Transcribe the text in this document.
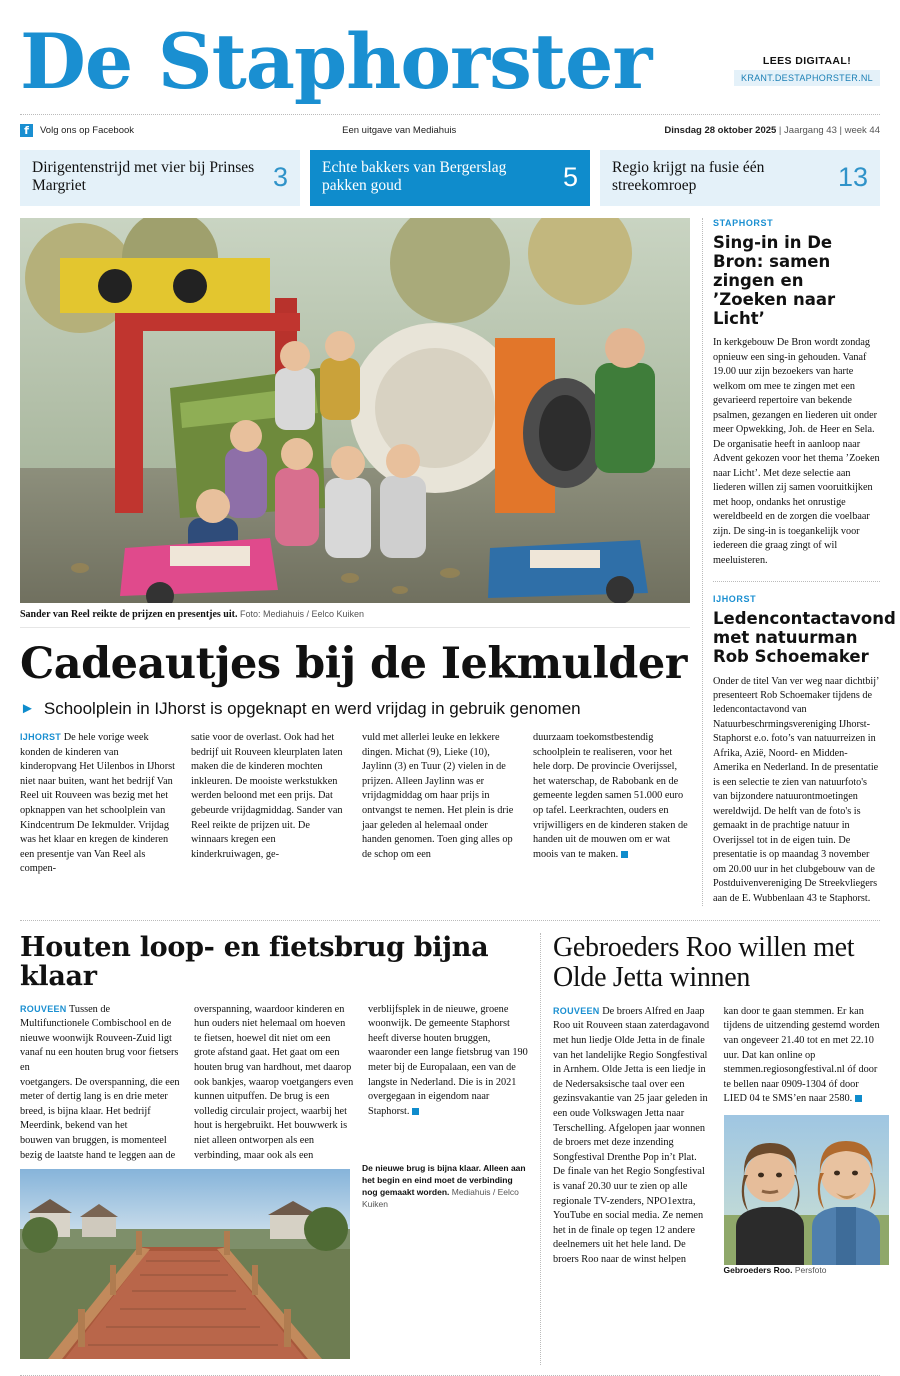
De Staphorster	LEES DIGITAAL!
KRANT.DESTAPHORSTER.NL
f	Volg ons op Facebook	Een uitgave van Mediahuis	Dinsdag 28 oktober 2025 | Jaargang 43 | week 44
Dirigentenstrijd met vier bij Prinses Margriet	3 Echte bakkers van Bergerslag pakken goud	5 Regio krijgt na fusie één streekomroep	13
Sander van Reel reikte de prijzen en presentjes uit. Foto: Mediahuis / Eelco Kuiken
Cadeautjes bij de Iekmulder
► Schoolplein in IJhorst is opgeknapt en werd vrijdag in gebruik genomen

IJHORST De hele vorige week konden de kinderen van kinderopvang Het Uilenbos in IJhorst niet naar buiten, want het bedrijf Van Reel uit Rouveen was bezig met het opknappen van het schoolplein van Kindcentrum De Iekmulder. Vrijdag was het klaar en kregen de kinderen een presentje van Van Reel als compen-

satie voor de overlast. Ook had het bedrijf uit Rouveen kleurplaten laten maken die de kinderen mochten inkleuren. De mooiste werkstukken werden beloond met een prijs. Dat gebeurde vrijdagmiddag. Sander van Reel reikte de prijzen uit. De winnaars kregen een kinderkruiwagen, ge-

vuld met allerlei leuke en lekkere dingen. Michat (9), Lieke (10), Jaylinn (3) en Tuur (2) vielen in de prijzen. Alleen Jaylinn was er vrijdagmiddag om haar prijs in ontvangst te nemen. Het plein is drie jaar geleden al helemaal onder handen genomen. Toen ging alles op de schop om een

duurzaam toekomstbestendig schoolplein te realiseren, voor het hele dorp. De provincie Overijssel, het waterschap, de Rabobank en de gemeente legden samen 51.000 euro op tafel. Leerkrachten, ouders en vrijwilligers en de kinderen staken de handen uit de mouwen om er wat moois van te maken.

STAPHORST
Sing-in in De Bron: samen zingen en ’Zoeken naar Licht’
In kerkgebouw De Bron wordt zondag opnieuw een sing-in gehouden. Vanaf 19.00 uur zijn bezoekers van harte welkom om mee te zingen met een gevarieerd repertoire van bekende psalmen, gezangen en liederen uit onder meer Opwekking, Joh. de Heer en Sela. De organisatie heeft in aanloop naar Advent gekozen voor het thema ’Zoeken naar Licht’. Met deze selectie aan liederen willen zij samen vooruitkijken met hoop, ondanks het onrustige wereldbeeld en de zorgen die voelbaar zijn. De sing-in is toegankelijk voor iedereen die graag zingt of wil meeluisteren.
IJHORST
Ledencontactavond met natuurman Rob Schoemaker
Onder de titel Van ver weg naar dichtbij’ presenteert Rob Schoemaker tijdens de ledencontactavond van Natuurbeschrmingsvereniging IJhorst-Staphorst e.o. foto’s van natuurreizen in Afrika, Azië, Noord- en Midden-Amerika en Nederland. In de presentatie is een selectie te zien van natuurfoto's van bijzondere natuurontmoetingen wereldwijd. De helft van de foto's is gemaakt in de prachtige natuur in Overijssel tot in de eigen tuin. De presentatie is op maandag 3 november om 20.00 uur in het clubgebouw van de Postduivenvereniging De Streekvliegers aan de E. Wubbenlaan 43 te Staphorst.
Houten loop- en fietsbrug bijna klaar

ROUVEEN Tussen de Multifunctionele Combischool en de nieuwe woonwijk Rouveen-Zuid ligt vanaf nu een houten brug voor fietsers en

voetgangers. De overspanning, die een meter of dertig lang is en drie meter breed, is bijna klaar. Het bedrijf Meerdink, bekend van het

bouwen van bruggen, is momenteel bezig de laatste hand te leggen aan de overspanning, waardoor kinderen en hun ouders niet helemaal om hoeven te fietsen, hoewel dit niet om een grote afstand gaat. Het gaat om een houten brug van hardhout, met daarop ook bankjes, waarop voetgangers even kunnen uitpuffen. De brug is een volledig circulair project, waarbij het hout is hergebruikt. Het bouwwerk is niet alleen ontworpen als een verbinding, maar ook als een verblijfsplek in de nieuwe, groene woonwijk. De gemeente Staphorst heeft diverse houten bruggen, waaronder een lange fietsbrug van 190 meter bij de Europalaan, een van de langste in Nederland. Die is in 2021 overgegaan in eigendom naar Staphorst.

De nieuwe brug is bijna klaar. Alleen aan het begin en eind moet de verbinding nog gemaakt worden. Mediahuis / Eelco Kuiken
Gebroeders Roo willen met Olde Jetta winnen

ROUVEEN De broers Alfred en Jaap Roo uit Rouveen staan zaterdagavond met hun liedje Olde Jetta in de finale van het landelijke Regio Songfestival in Arnhem. Olde Jetta is een liedje in de Nedersaksische taal over een gezinsvakantie van 25 jaar geleden in een oude Volkswagen Jetta naar Terschelling. Afgelopen jaar wonnen de broers met deze inzending Songfestival Drenthe Pop in’t Plat. De finale van het Regio Songfestival is vanaf 20.30 uur te zien op alle regionale TV-zenders, NPO1extra, YouTube en social media. Ze nemen het in de finale op tegen 12 andere deelnemers uit het hele land. De broers Roo naar de winst helpen

kan door te gaan stemmen. Er kan tijdens de uitzending gestemd worden van ongeveer 21.40 tot en met 22.10 uur. Dat kan online op stemmen.regiosongfestival.nl óf door te bellen naar 0909-1304 óf door LIED 04 te SMS’en naar 2580.

Gebroeders Roo. Persfoto
